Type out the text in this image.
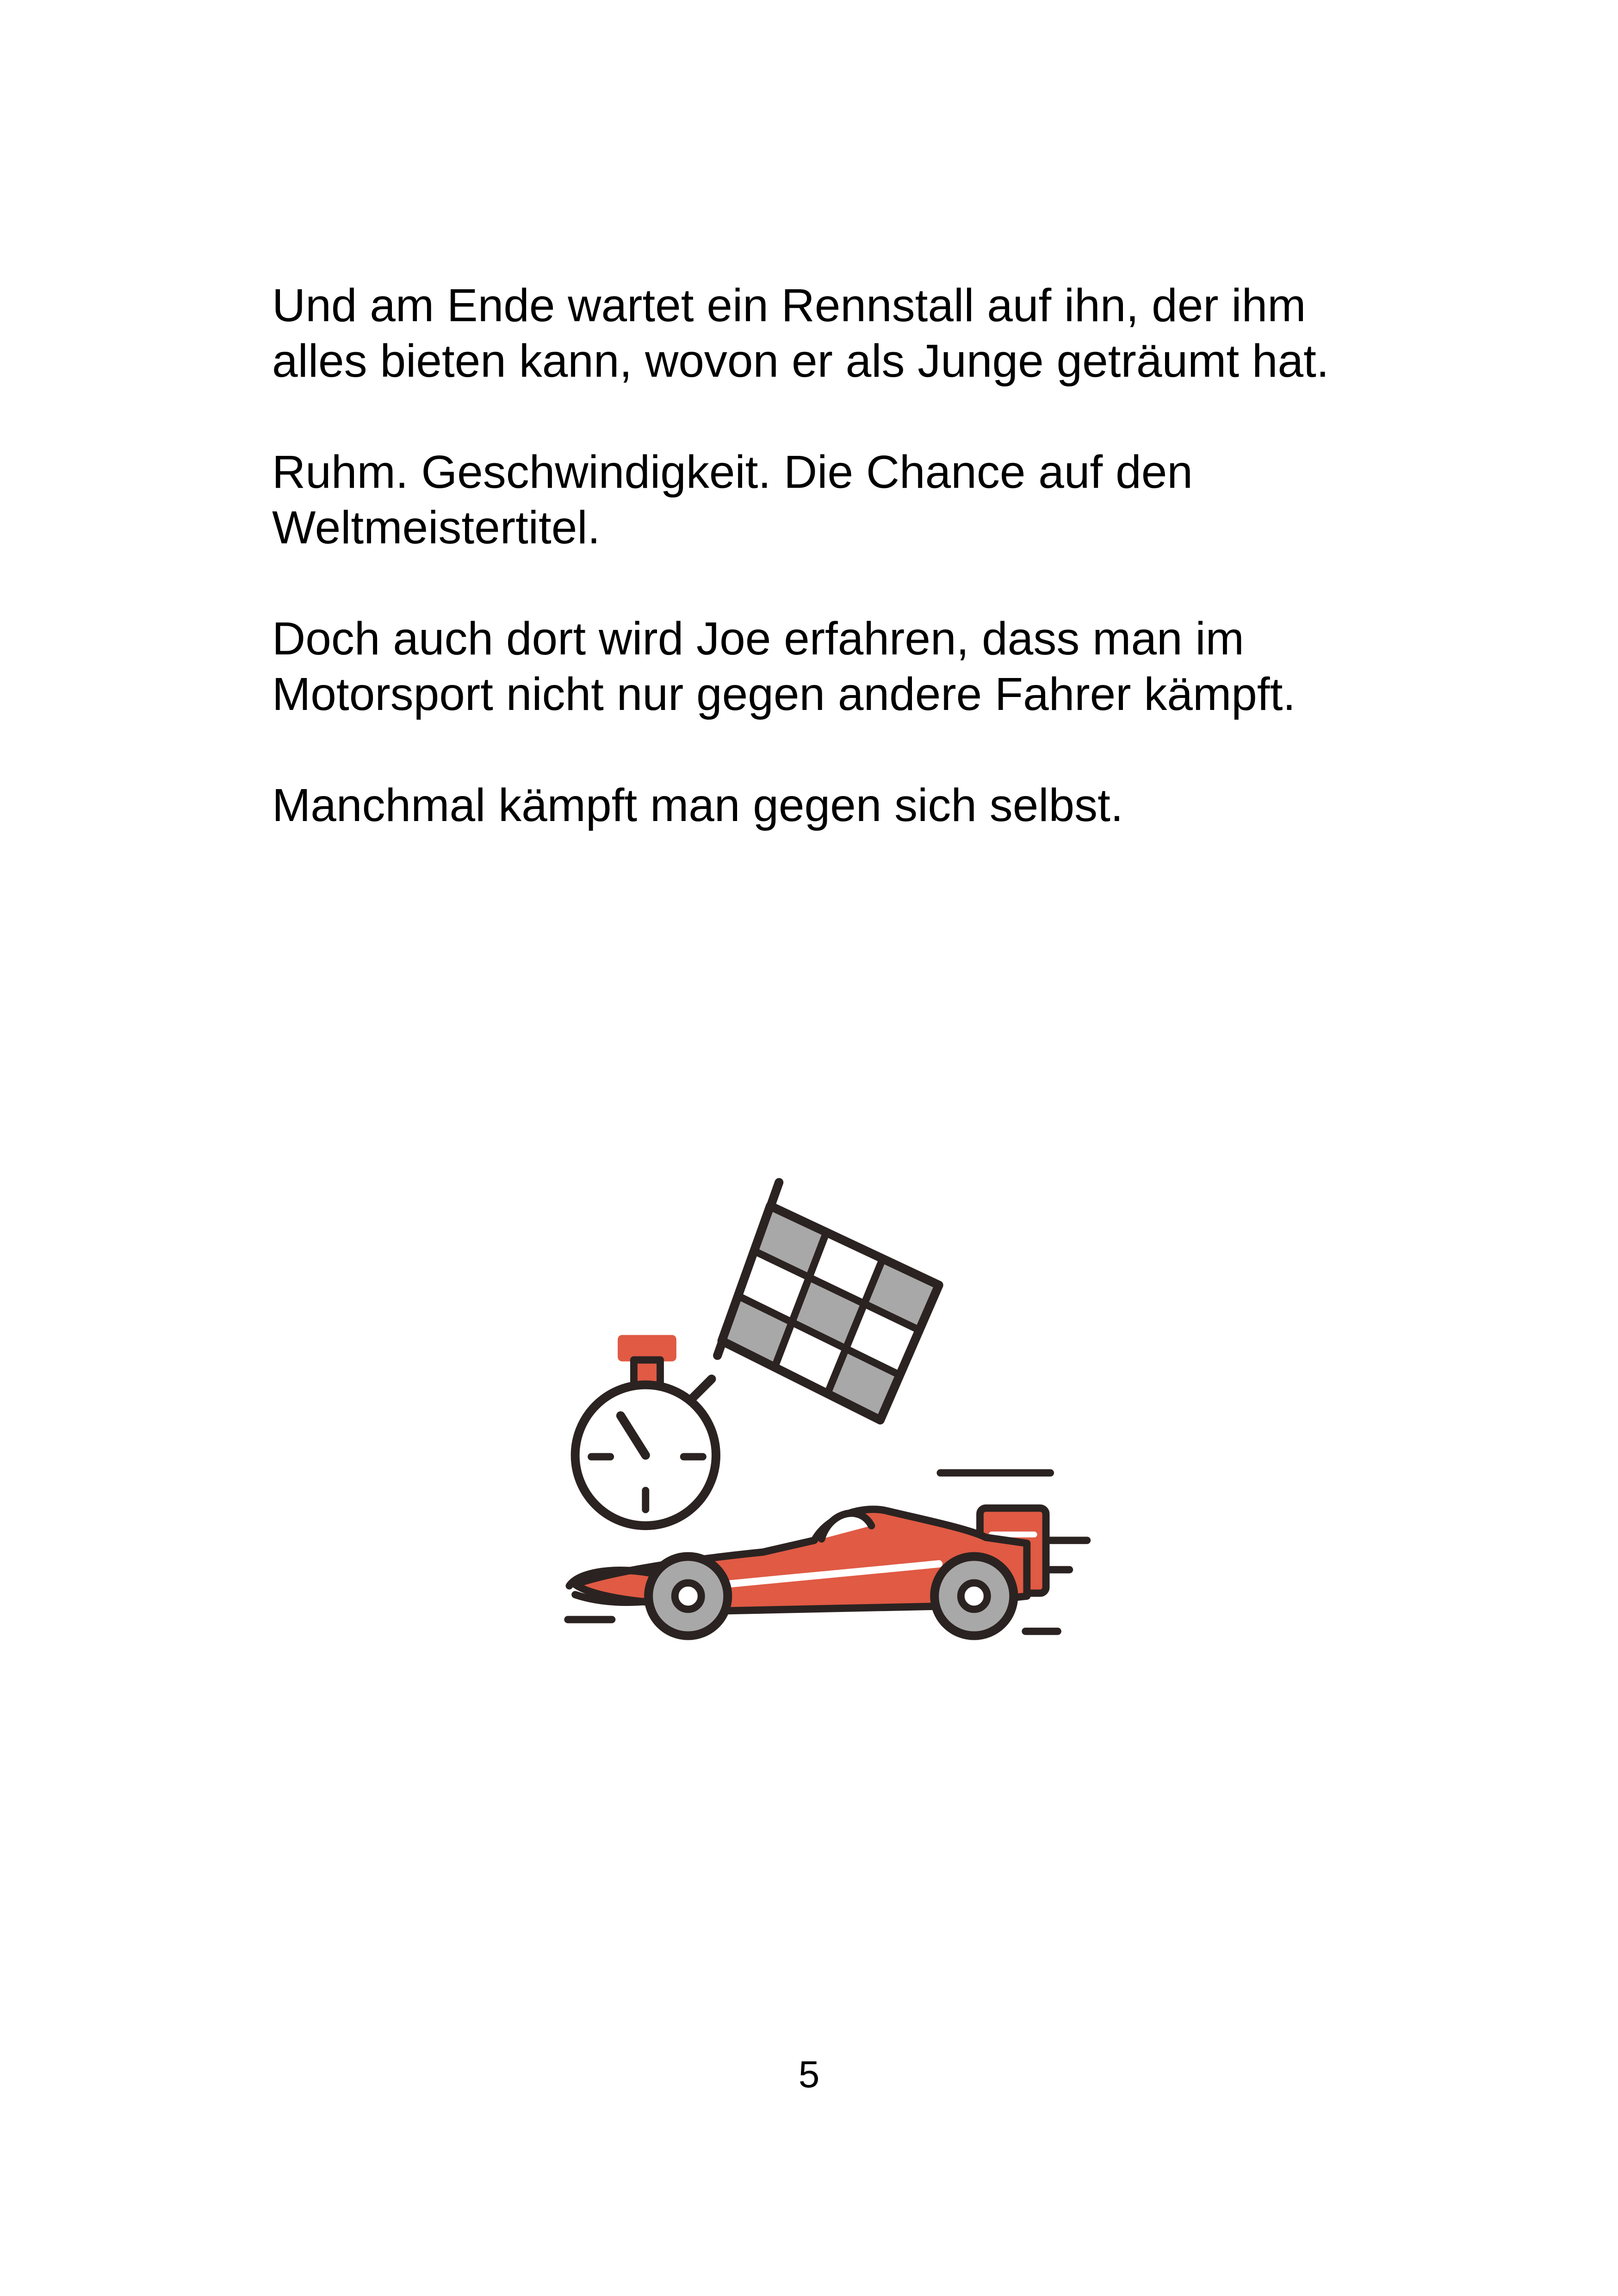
Und am Ende wartet ein Rennstall auf ihn, der ihm
alles bieten kann, wovon er als Junge geträumt hat.

Ruhm. Geschwindigkeit. Die Chance auf den
Weltmeistertitel.

Doch auch dort wird Joe erfahren, dass man im
Motorsport nicht nur gegen andere Fahrer kämpft.

Manchmal kämpft man gegen sich selbst.

5
